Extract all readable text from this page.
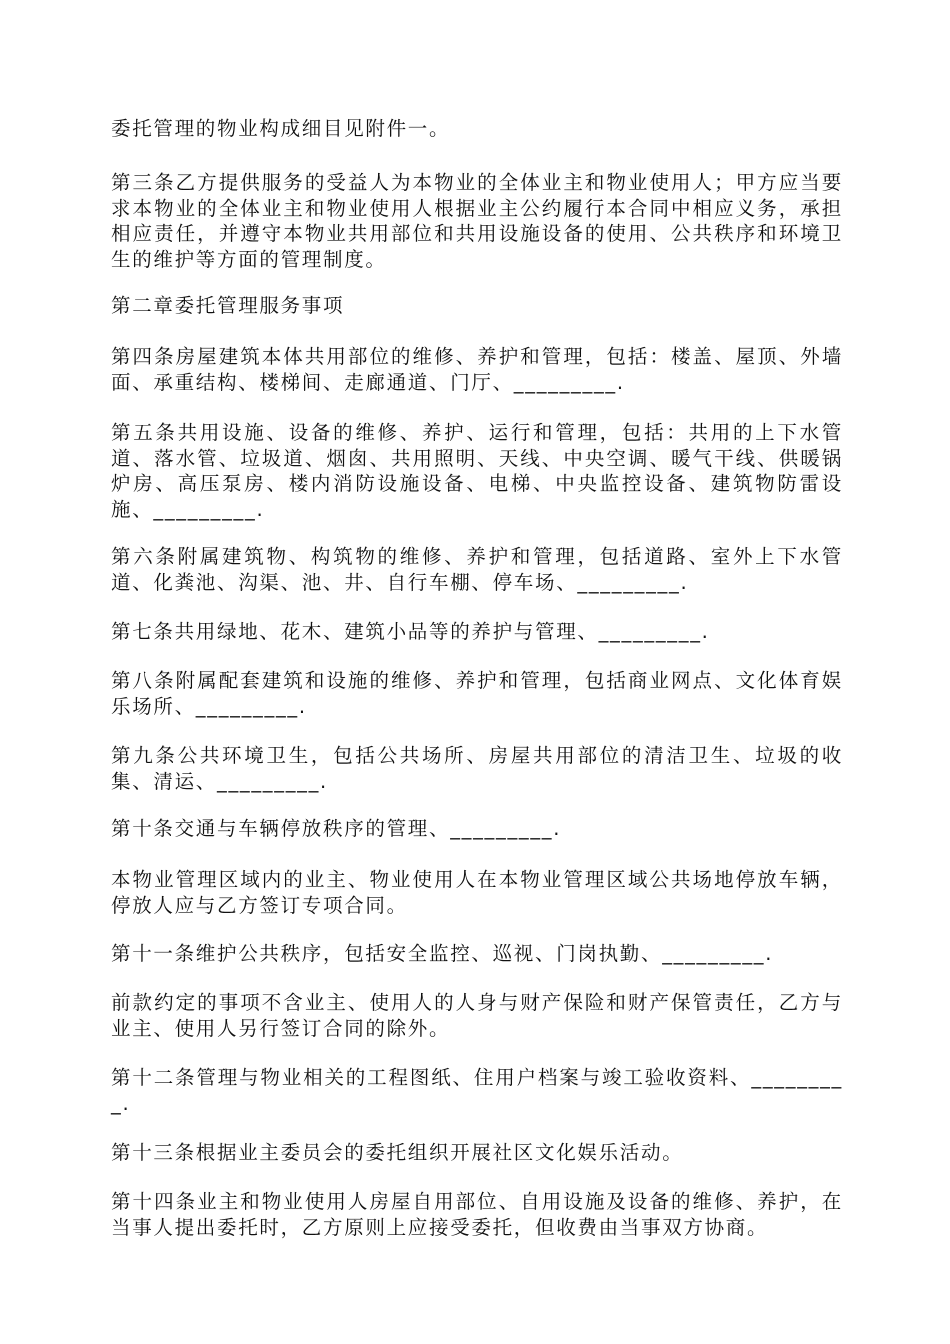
委托管理的物业构成细目见附件一。

第三条乙方提供服务的受益人为本物业的全体业主和物业使用人；甲方应当要求本物业的全体业主和物业使用人根据业主公约履行本合同中相应义务，承担相应责任，并遵守本物业共用部位和共用设施设备的使用、公共秩序和环境卫生的维护等方面的管理制度。

第二章委托管理服务事项

第四条房屋建筑本体共用部位的维修、养护和管理，包括：楼盖、屋顶、外墙面、承重结构、楼梯间、走廊通道、门厅、_________.

第五条共用设施、设备的维修、养护、运行和管理，包括：共用的上下水管道、落水管、垃圾道、烟囱、共用照明、天线、中央空调、暖气干线、供暖锅炉房、高压泵房、楼内消防设施设备、电梯、中央监控设备、建筑物防雷设施、_________.

第六条附属建筑物、构筑物的维修、养护和管理，包括道路、室外上下水管道、化粪池、沟渠、池、井、自行车棚、停车场、_________.

第七条共用绿地、花木、建筑小品等的养护与管理、_________.

第八条附属配套建筑和设施的维修、养护和管理，包括商业网点、文化体育娱乐场所、_________.

第九条公共环境卫生，包括公共场所、房屋共用部位的清洁卫生、垃圾的收集、清运、_________.

第十条交通与车辆停放秩序的管理、_________.

本物业管理区域内的业主、物业使用人在本物业管理区域公共场地停放车辆，停放人应与乙方签订专项合同。

第十一条维护公共秩序，包括安全监控、巡视、门岗执勤、_________.

前款约定的事项不含业主、使用人的人身与财产保险和财产保管责任，乙方与业主、使用人另行签订合同的除外。

第十二条管理与物业相关的工程图纸、住用户档案与竣工验收资料、_________.

第十三条根据业主委员会的委托组织开展社区文化娱乐活动。

第十四条业主和物业使用人房屋自用部位、自用设施及设备的维修、养护，在当事人提出委托时，乙方原则上应接受委托，但收费由当事双方协商。
